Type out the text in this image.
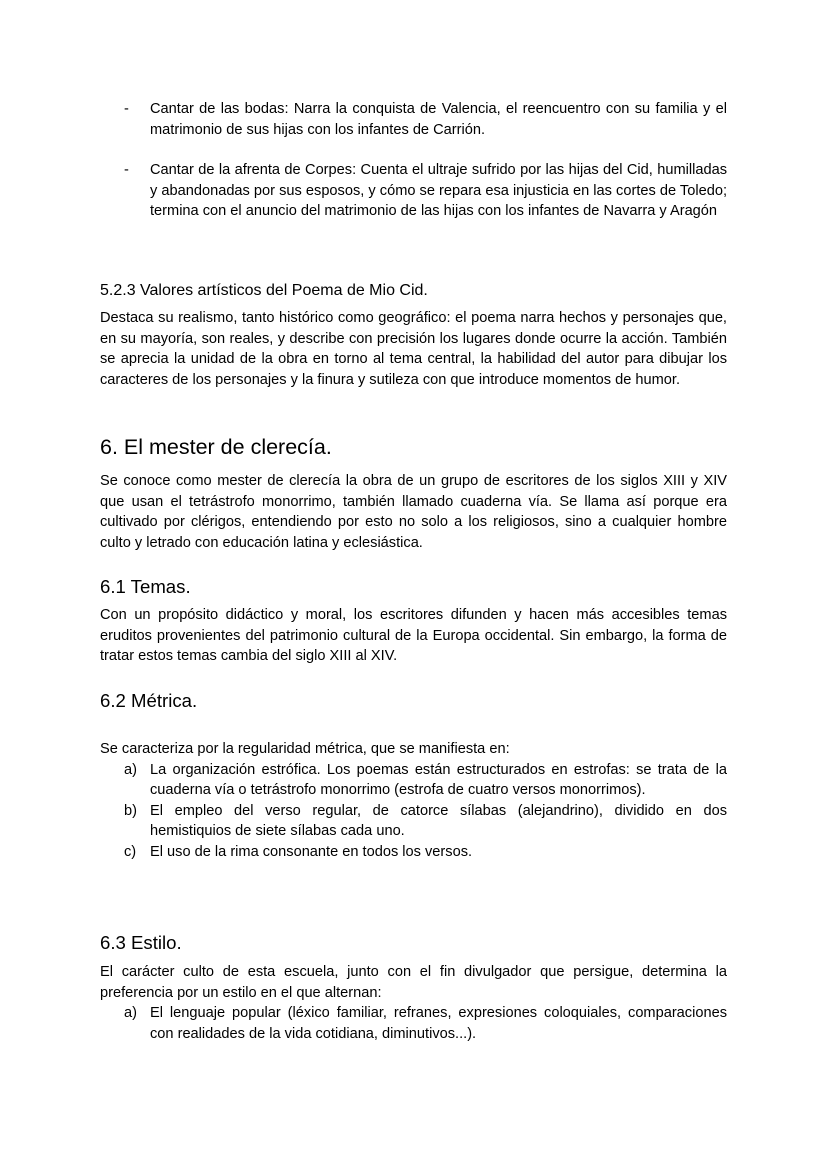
- Cantar de las bodas: Narra la conquista de Valencia, el reencuentro con su familia y el matrimonio de sus hijas con los infantes de Carrión.
- Cantar de la afrenta de Corpes: Cuenta el ultraje sufrido por las hijas del Cid, humilladas y abandonadas por sus esposos, y cómo se repara esa injusticia en las cortes de Toledo; termina con el anuncio del matrimonio de las hijas con los infantes de Navarra y Aragón
5.2.3 Valores artísticos del Poema de Mio Cid.

Destaca su realismo, tanto histórico como geográfico: el poema narra hechos y personajes que, en su mayoría, son reales, y describe con precisión los lugares donde ocurre la acción. También se aprecia la unidad de la obra en torno al tema central, la habilidad del autor para dibujar los caracteres de los personajes y la finura y sutileza con que introduce momentos de humor.

6. El mester de clerecía.

Se conoce como mester de clerecía la obra de un grupo de escritores de los siglos XIII y XIV que usan el tetrástrofo monorrimo, también llamado cuaderna vía. Se llama así porque era cultivado por clérigos, entendiendo por esto no solo a los religiosos, sino a cualquier hombre culto y letrado con educación latina y eclesiástica.

6.1 Temas.

Con un propósito didáctico y moral, los escritores difunden y hacen más accesibles temas eruditos provenientes del patrimonio cultural de la Europa occidental. Sin embargo, la forma de tratar estos temas cambia del siglo XIII al XIV.

6.2 Métrica.

Se caracteriza por la regularidad métrica, que se manifiesta en:

a) La organización estrófica. Los poemas están estructurados en estrofas: se trata de la cuaderna vía o tetrástrofo monorrimo (estrofa de cuatro versos monorrimos).
b) El empleo del verso regular, de catorce sílabas (alejandrino), dividido en dos hemistiquios de siete sílabas cada uno.
c) El uso de la rima consonante en todos los versos.
6.3 Estilo.

El carácter culto de esta escuela, junto con el fin divulgador que persigue, determina la preferencia por un estilo en el que alternan:

a) El lenguaje popular (léxico familiar, refranes, expresiones coloquiales, comparaciones con realidades de la vida cotidiana, diminutivos...).
